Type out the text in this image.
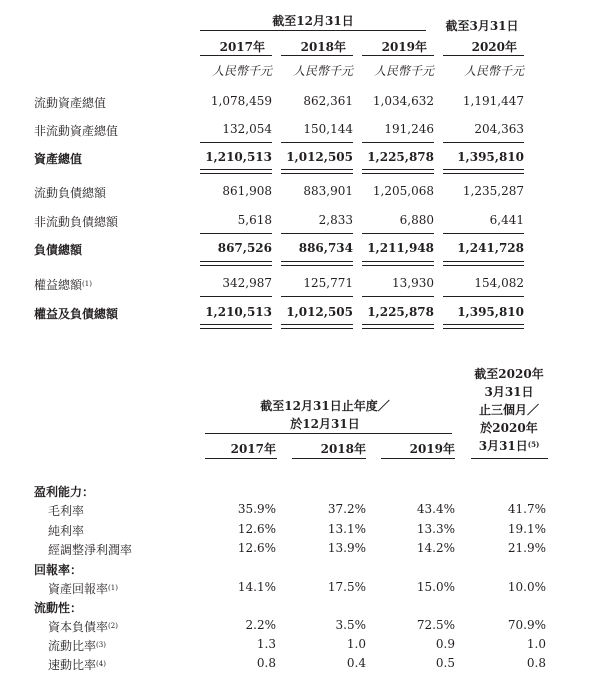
截至12月31日	截至3月31日
2017年	2018年	2019年	2020年
人民幣千元 人民幣千元 人民幣千元 人民幣千元
流動資產總值	1,078,459	862,361 1,034,632 1,191,447
非流動資產總值	132,054	150,144	191,246	204,363
資產總值	1,210,513 1,012,505 1,225,878 1,395,810
流動負債總額	861,908	883,901 1,205,068 1,235,287
非流動負債總額	5,618	2,833	6,880	6,441
負債總額	867,526 886,734 1,211,948 1,241,728
權益總額$^{(1)}$	342,987	125,771	13,930	154,082
權益及負債總額	1,210,513 1,012,505 1,225,878 1,395,810
截至2020年
3月31日
止三個月／
於2020年
3月31日$^{(5)}$
截至12月31日止年度／
於12月31日
2017年	2018年	2019年
盈利能力：
毛利率	35.9%	37.2%	43.4%	41.7%
純利率	12.6%	13.1%	13.3%	19.1%
經調整淨利潤率	12.6%	13.9%	14.2%	21.9%
回報率：
資產回報率$^{(1)}$	14.1%	17.5%	15.0%	10.0%
流動性：
資本負債率$^{(2)}$	2.2%	3.5%	72.5%	70.9%
流動比率$^{(3)}$	1.3	1.0	0.9	1.0
速動比率$^{(4)}$	0.8	0.4	0.5	0.8
